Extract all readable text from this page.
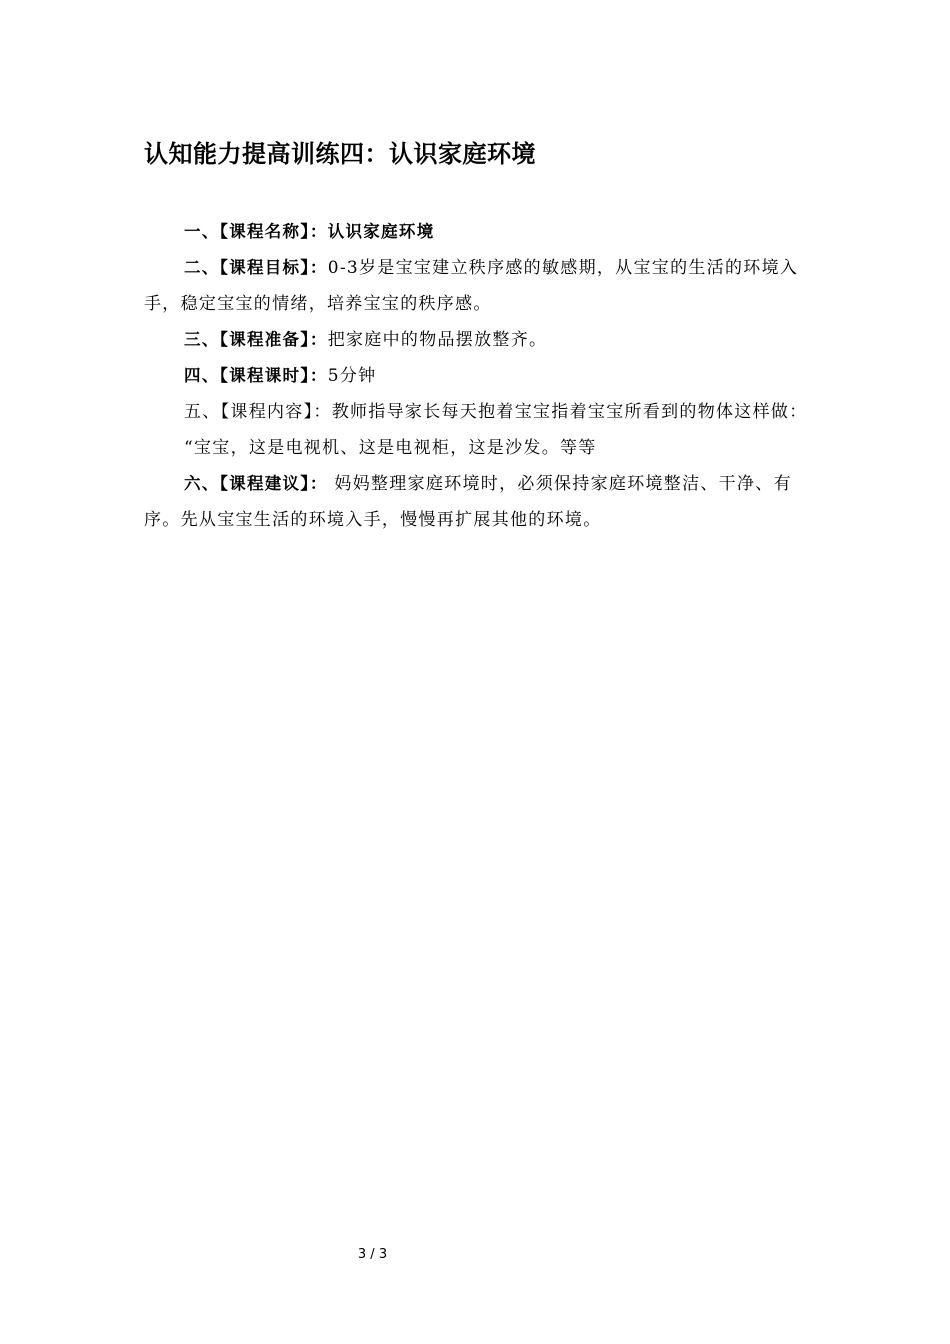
认知能力提高训练四：认识家庭环境

一、【课程名称】：认识家庭环境

二、【课程目标】：0-3岁是宝宝建立秩序感的敏感期，从宝宝的生活的环境入手，稳定宝宝的情绪，培养宝宝的秩序感。

三、【课程准备】：把家庭中的物品摆放整齐。

四、【课程课时】：5分钟

五、【课程内容】：教师指导家长每天抱着宝宝指着宝宝所看到的物体这样做：

“宝宝，这是电视机、这是电视柜，这是沙发。等等

六、【课程建议】： 妈妈整理家庭环境时，必须保持家庭环境整洁、干净、有序。先从宝宝生活的环境入手，慢慢再扩展其他的环境。

3 / 3
